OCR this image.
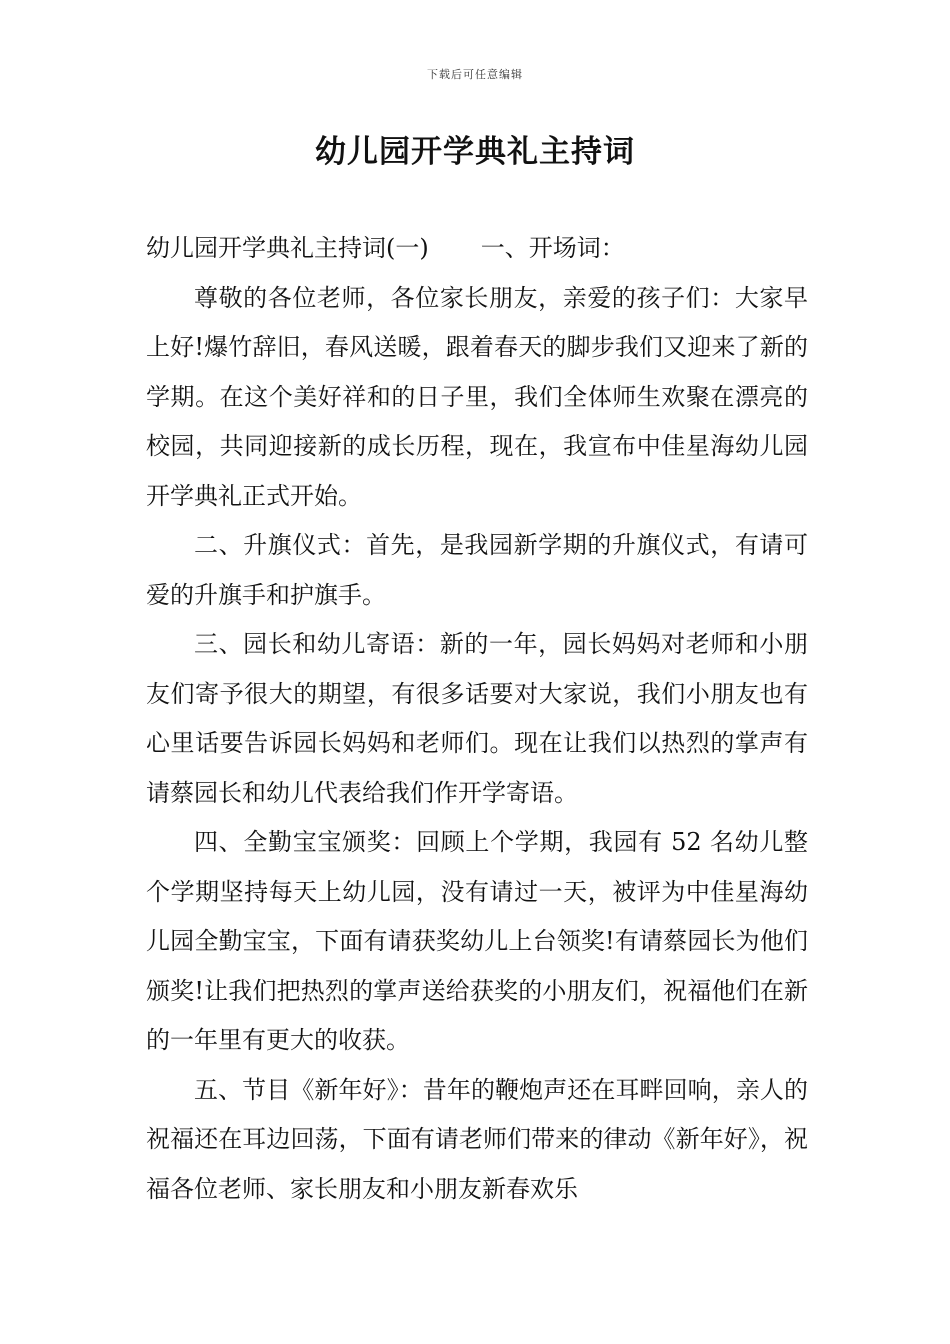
下载后可任意编辑
幼儿园开学典礼主持词

幼儿园开学典礼主持词(一) 一、开场词：

尊敬的各位老师，各位家长朋友，亲爱的孩子们：大家早上好!爆竹辞旧，春风送暖，跟着春天的脚步我们又迎来了新的学期。在这个美好祥和的日子里，我们全体师生欢聚在漂亮的校园，共同迎接新的成长历程，现在，我宣布中佳星海幼儿园开学典礼正式开始。

二、升旗仪式：首先，是我园新学期的升旗仪式，有请可爱的升旗手和护旗手。

三、园长和幼儿寄语：新的一年，园长妈妈对老师和小朋友们寄予很大的期望，有很多话要对大家说，我们小朋友也有心里话要告诉园长妈妈和老师们。现在让我们以热烈的掌声有请蔡园长和幼儿代表给我们作开学寄语。

四、全勤宝宝颁奖：回顾上个学期，我园有 52 名幼儿整个学期坚持每天上幼儿园，没有请过一天，被评为中佳星海幼儿园全勤宝宝，下面有请获奖幼儿上台领奖!有请蔡园长为他们颁奖!让我们把热烈的掌声送给获奖的小朋友们，祝福他们在新的一年里有更大的收获。

五、节目《新年好》：昔年的鞭炮声还在耳畔回响，亲人的祝福还在耳边回荡，下面有请老师们带来的律动《新年好》，祝福各位老师、家长朋友和小朋友新春欢乐
